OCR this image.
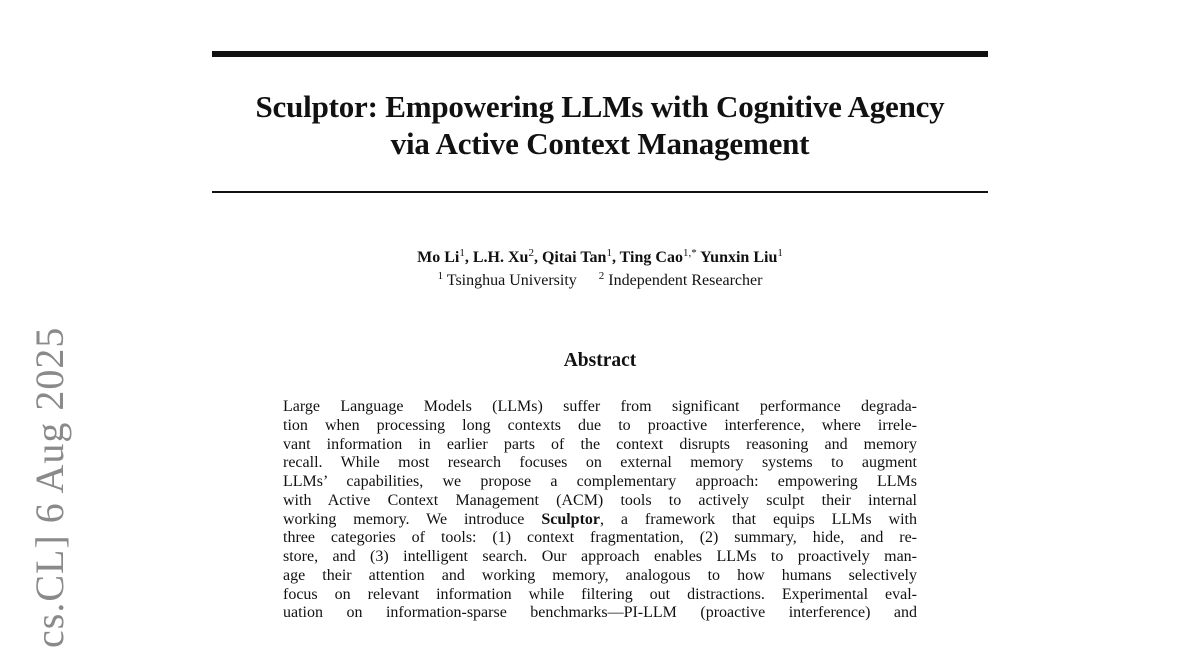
cs.CL] 6 Aug 2025
Sculptor: Empowering LLMs with Cognitive Agency
via Active Context Management
Mo Li$^1$, L.H. Xu$^2$, Qitai Tan$^1$, Ting Cao$^{1,*}$ Yunxin Liu$^1$
$^1$ Tsinghua University $^2$ Independent Researcher
Abstract
Large Language Models (LLMs) suffer from significant performance degrada-
tion when processing long contexts due to proactive interference, where irrele-
vant information in earlier parts of the context disrupts reasoning and memory
recall. While most research focuses on external memory systems to augment
LLMs’ capabilities, we propose a complementary approach: empowering LLMs
with Active Context Management (ACM) tools to actively sculpt their internal
working memory. We introduce Sculptor, a framework that equips LLMs with
three categories of tools: (1) context fragmentation, (2) summary, hide, and re-
store, and (3) intelligent search. Our approach enables LLMs to proactively man-
age their attention and working memory, analogous to how humans selectively
focus on relevant information while filtering out distractions. Experimental eval-
uation on information-sparse benchmarks—PI-LLM (proactive interference) and
